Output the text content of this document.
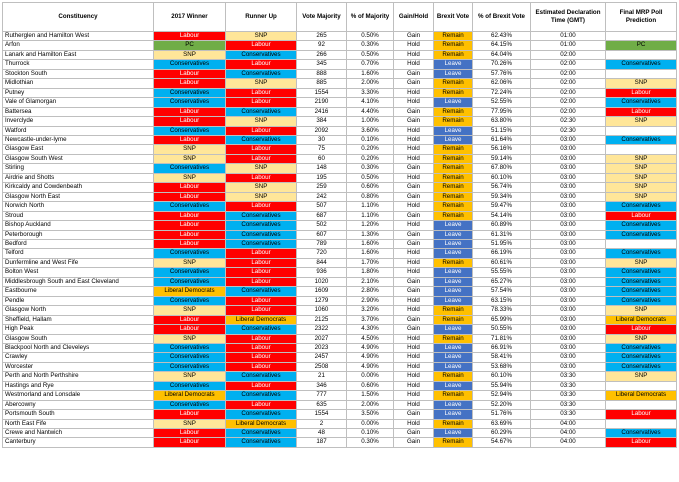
Constituency	2017 Winner	Runner Up	Vote Majority	% of Majority	Gain/Hold	Brexit Vote	% of Brexit Vote	Estimated Declaration Time (GMT)	Final MRP Poll Prediction
Rutherglen and Hamilton West	Labour	SNP	265	0.50%	Gain	Remain	62.43%	01:00	
Arfon	PC	Labour	92	0.30%	Hold	Remain	64.15%	01:00	PC
Lanark and Hamilton East	SNP	Conservatives	266	0.50%	Hold	Remain	64.04%	02:00	
Thurrock	Conservatives	Labour	345	0.70%	Hold	Leave	70.26%	02:00	Conservatives
Stockton South	Labour	Conservatives	888	1.60%	Gain	Leave	57.76%	02:00	
Midlothian	Labour	SNP	885	2.00%	Gain	Remain	62.06%	02:00	SNP
Putney	Conservatives	Labour	1554	3.30%	Hold	Remain	72.24%	02:00	Labour
Vale of Glamorgan	Conservatives	Labour	2190	4.10%	Hold	Leave	52.55%	02:00	Conservatives
Battersea	Labour	Conservatives	2416	4.40%	Gain	Remain	77.95%	02:00	Labour
Inverclyde	Labour	SNP	384	1.00%	Gain	Remain	63.80%	02:30	SNP
Watford	Conservatives	Labour	2092	3.60%	Hold	Leave	51.15%	02:30	
Newcastle-under-lyme	Labour	Conservatives	30	0.10%	Hold	Leave	61.64%	03:00	Conservatives
Glasgow East	SNP	Labour	75	0.20%	Hold	Remain	56.16%	03:00	
Glasgow South West	SNP	Labour	60	0.20%	Hold	Remain	59.14%	03:00	SNP
Stirling	Conservatives	SNP	148	0.30%	Gain	Remain	67.80%	03:00	SNP
Airdrie and Shotts	SNP	Labour	195	0.50%	Hold	Remain	60.10%	03:00	SNP
Kirkcaldy and Cowdenbeath	Labour	SNP	259	0.60%	Gain	Remain	56.74%	03:00	SNP
Glasgow North East	Labour	SNP	242	0.80%	Gain	Remain	59.34%	03:00	SNP
Norwich North	Conservatives	Labour	507	1.10%	Hold	Remain	59.47%	03:00	Conservatives
Stroud	Labour	Conservatives	687	1.10%	Gain	Remain	54.14%	03:00	Labour
Bishop Auckland	Labour	Conservatives	502	1.20%	Hold	Leave	60.89%	03:00	Conservatives
Peterborough	Labour	Conservatives	607	1.30%	Gain	Leave	61.31%	03:00	Conservatives
Bedford	Labour	Conservatives	789	1.60%	Gain	Leave	51.95%	03:00	
Telford	Conservatives	Labour	720	1.60%	Hold	Leave	66.19%	03:00	Conservatives
Dunfermline and West Fife	SNP	Labour	844	1.70%	Hold	Remain	60.61%	03:00	SNP
Bolton West	Conservatives	Labour	936	1.80%	Hold	Leave	55.55%	03:00	Conservatives
Middlesbrough South and East Cleveland	Conservatives	Labour	1020	2.10%	Gain	Leave	65.27%	03:00	Conservatives
Eastbourne	Liberal Democrats	Conservatives	1609	2.80%	Gain	Leave	57.54%	03:00	Conservatives
Pendle	Conservatives	Labour	1279	2.90%	Hold	Leave	63.15%	03:00	Conservatives
Glasgow North	SNP	Labour	1060	3.20%	Hold	Remain	78.33%	03:00	SNP
Sheffield, Hallam	Labour	Liberal Democrats	2125	3.70%	Gain	Remain	65.99%	03:00	Liberal Democrats
High Peak	Labour	Conservatives	2322	4.30%	Gain	Leave	50.55%	03:00	Labour
Glasgow South	SNP	Labour	2027	4.50%	Hold	Remain	71.81%	03:00	SNP
Blackpool North and Cleveleys	Conservatives	Labour	2023	4.90%	Hold	Leave	66.91%	03:00	Conservatives
Crawley	Conservatives	Labour	2457	4.90%	Hold	Leave	58.41%	03:00	Conservatives
Worcester	Conservatives	Labour	2508	4.90%	Hold	Leave	53.68%	03:00	Conservatives
Perth and North Perthshire	SNP	Conservatives	21	0.00%	Hold	Remain	60.10%	03:30	SNP
Hastings and Rye	Conservatives	Labour	346	0.60%	Hold	Leave	55.94%	03:30	
Westmorland and Lonsdale	Liberal Democrats	Conservatives	777	1.50%	Hold	Remain	52.94%	03:30	Liberal Democrats
Abercowny	Conservatives	Labour	635	2.00%	Hold	Leave	52.20%	03:30	
Portsmouth South	Labour	Conservatives	1554	3.50%	Gain	Leave	51.76%	03:30	Labour
North East Fife	SNP	Liberal Democrats	2	0.00%	Hold	Remain	63.69%	04:00	
Crewe and Nantwich	Labour	Conservatives	48	0.10%	Gain	Leave	60.29%	04:00	Conservatives
Canterbury	Labour	Conservatives	187	0.30%	Gain	Remain	54.67%	04:00	Labour
